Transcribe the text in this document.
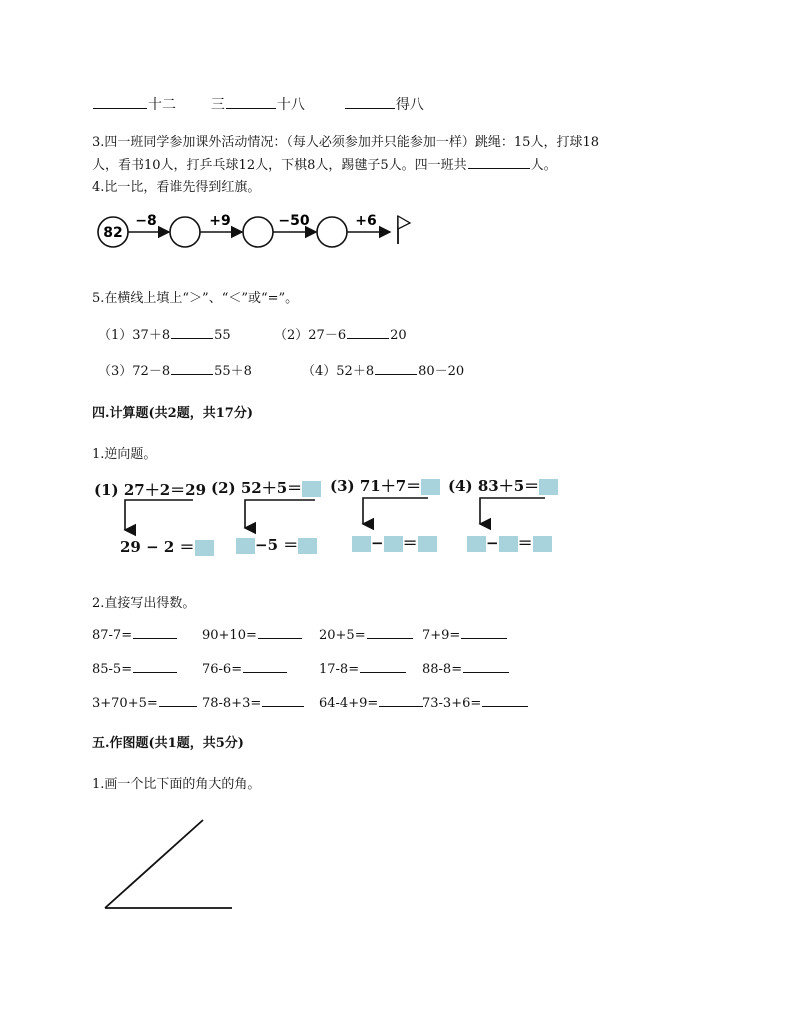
十二 三	十八	得八
3.四一班同学参加课外活动情况：（每人必须参加并只能参加一样）跳绳：15人，打球18
人，看书10人，打乒乓球12人，下棋8人，踢毽子5人。四一班共	人。
4.比一比，看谁先得到红旗。
82
−8	+9	−50	+6
5.在横线上填上“＞”、“＜”或“=”。
（1）37＋8	55	（2）27－6	20
（3）72－8	55＋8	（4）52＋8	80－20
四.计算题(共2题，共17分)
1.逆向题。
(1) 27＋2＝29 (2) 52＋5＝	(3) 71＋7＝	(4) 83＋5＝
29 − 2 ＝	−5 ＝	− ＝	− ＝
2.直接写出得数。
87-7=	90+10=	20+5=	7+9=
85-5=	76-6=	17-8=	88-8=
3+70+5=	78-8+3=	64-4+9=	73-3+6=
五.作图题(共1题，共5分)
1.画一个比下面的角大的角。
